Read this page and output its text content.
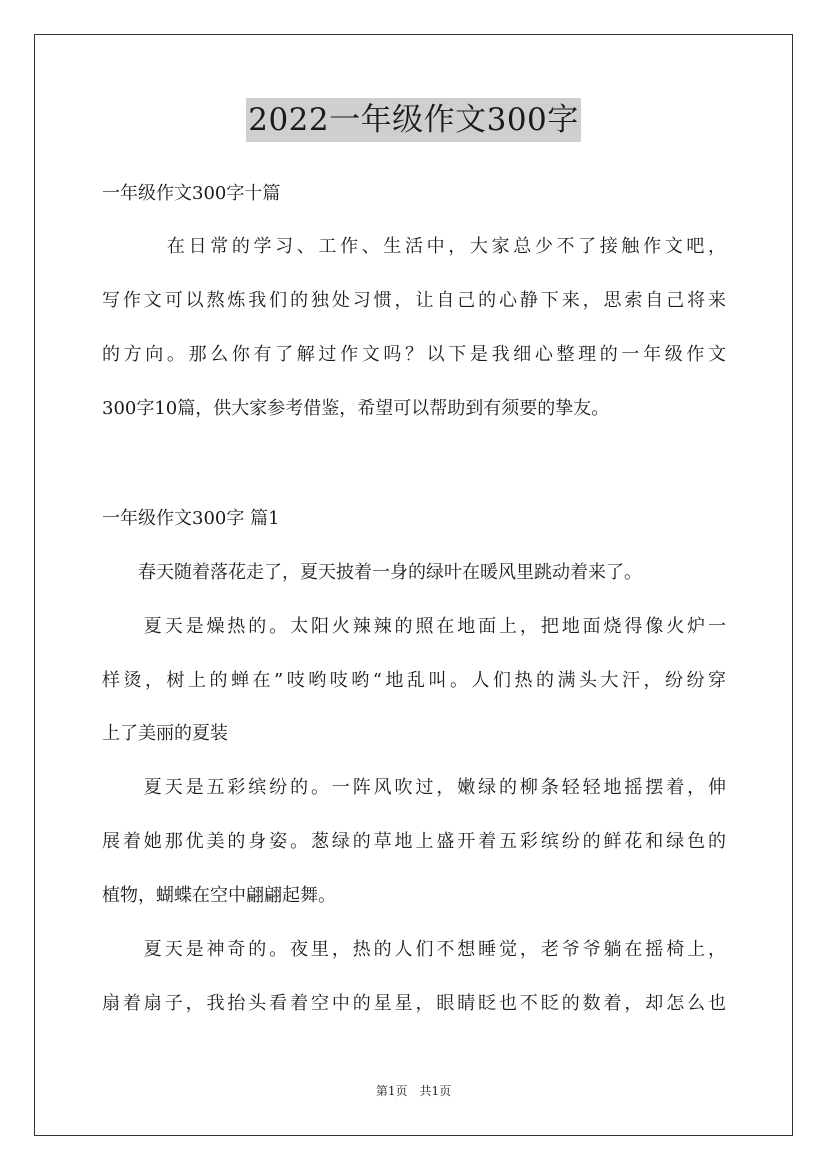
2022一年级作文300字
一年级作文300字十篇
　　　在日常的学习、工作、生活中，大家总少不了接触作文吧，
写作文可以熬炼我们的独处习惯，让自己的心静下来，思索自己将来
的方向。那么你有了解过作文吗？以下是我细心整理的一年级作文
300字10篇，供大家参考借鉴，希望可以帮助到有须要的挚友。
一年级作文300字 篇1
　　春天随着落花走了，夏天披着一身的绿叶在暖风里跳动着来了。
　　夏天是燥热的。太阳火辣辣的照在地面上，把地面烧得像火炉一
样烫，树上的蝉在”吱哟吱哟“地乱叫。人们热的满头大汗，纷纷穿
上了美丽的夏装
　　夏天是五彩缤纷的。一阵风吹过，嫩绿的柳条轻轻地摇摆着，伸
展着她那优美的身姿。葱绿的草地上盛开着五彩缤纷的鲜花和绿色的
植物，蝴蝶在空中翩翩起舞。
　　夏天是神奇的。夜里，热的人们不想睡觉，老爷爷躺在摇椅上，
扇着扇子，我抬头看着空中的星星，眼睛眨也不眨的数着，却怎么也
第1页　共1页
